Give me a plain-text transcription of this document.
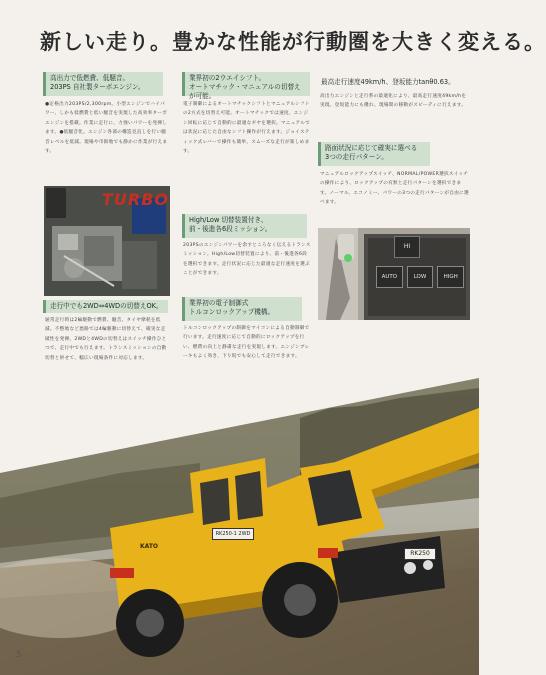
新しい走り。豊かな性能が行動圏を大きく変える。
高出力で低燃費、低騒音。
203PS 自社製ターボエンジン。
●定格出力203PS/2,300rpm。小型エンジンでハイパワー、しかも低燃費と低い騒音を実現した高効率ターボエンジンを搭載。作業に走行に、力強いパワーを発揮します。●低騒音化。エンジン各部の構造見直しを行い騒音レベルを低減。現場や市街地でも静かに作業が行えます。
TURBO
走行中でも2WD⇔4WDの切替えOK。
通常走行時は2輪駆動で燃費、騒音、タイヤ摩耗を低減。不整地など悪路では4輪駆動に切替えて、確実な走破性を発揮。2WDと4WDの切替えはスイッチ操作ひとつで、走行中でも行えます。トランスミッションの自動切替と併せて、幅広い現場条件に対応します。
業界初の2ウエイシフト。
オートマチック・マニュアルの切替えが可能。
電子制御によるオートマチックシフトとマニュアルシフトの2方式を切替え可能。オートマチックでは速度、エンジン回転に応じて自動的に最適なギヤを選択。マニュアルでは状況に応じた自由なシフト操作が行えます。ジョイスティック式レバーで操作も簡単、スムーズな走行が楽しめます。
High/Low 切替装置付き、
前・後進各6段ミッション。
203PSのエンジンパワーを余すところなく伝えるトランスミッション。High/Low切替装置により、前・後進各6段を選択できます。走行状況に応じた最適な走行速度を選ぶことができます。
業界初の電子制御式
トルコンロックアップ機構。
トルコンロックアップの制御をマイコンによる自動制御で行います。走行速度に応じて自動的にロックアップを行い、燃費の向上と静粛な走行を実現します。エンジンブレーキもよく効き、下り坂でも安心して走行できます。
最高走行速度49km/h、登坂能力tanθ0.63。
高出力エンジンと走行系の最適化により、最高走行速度49km/hを実現。登坂能力にも優れ、現場間の移動がスピーディに行えます。
路面状況に応じて確実に選べる
3つの走行パターン。
マニュアルロックアップスイッチ、NORMAL/POWER選択スイッチの操作により、ロックアップの有無と走行パターンを選択できます。ノーマル、エコノミー、パワーの3つの走行パターンが自由に選べます。
HI
AUTO	LOW	HIGH
RK250-1 2WD
RK250
KATO
5
